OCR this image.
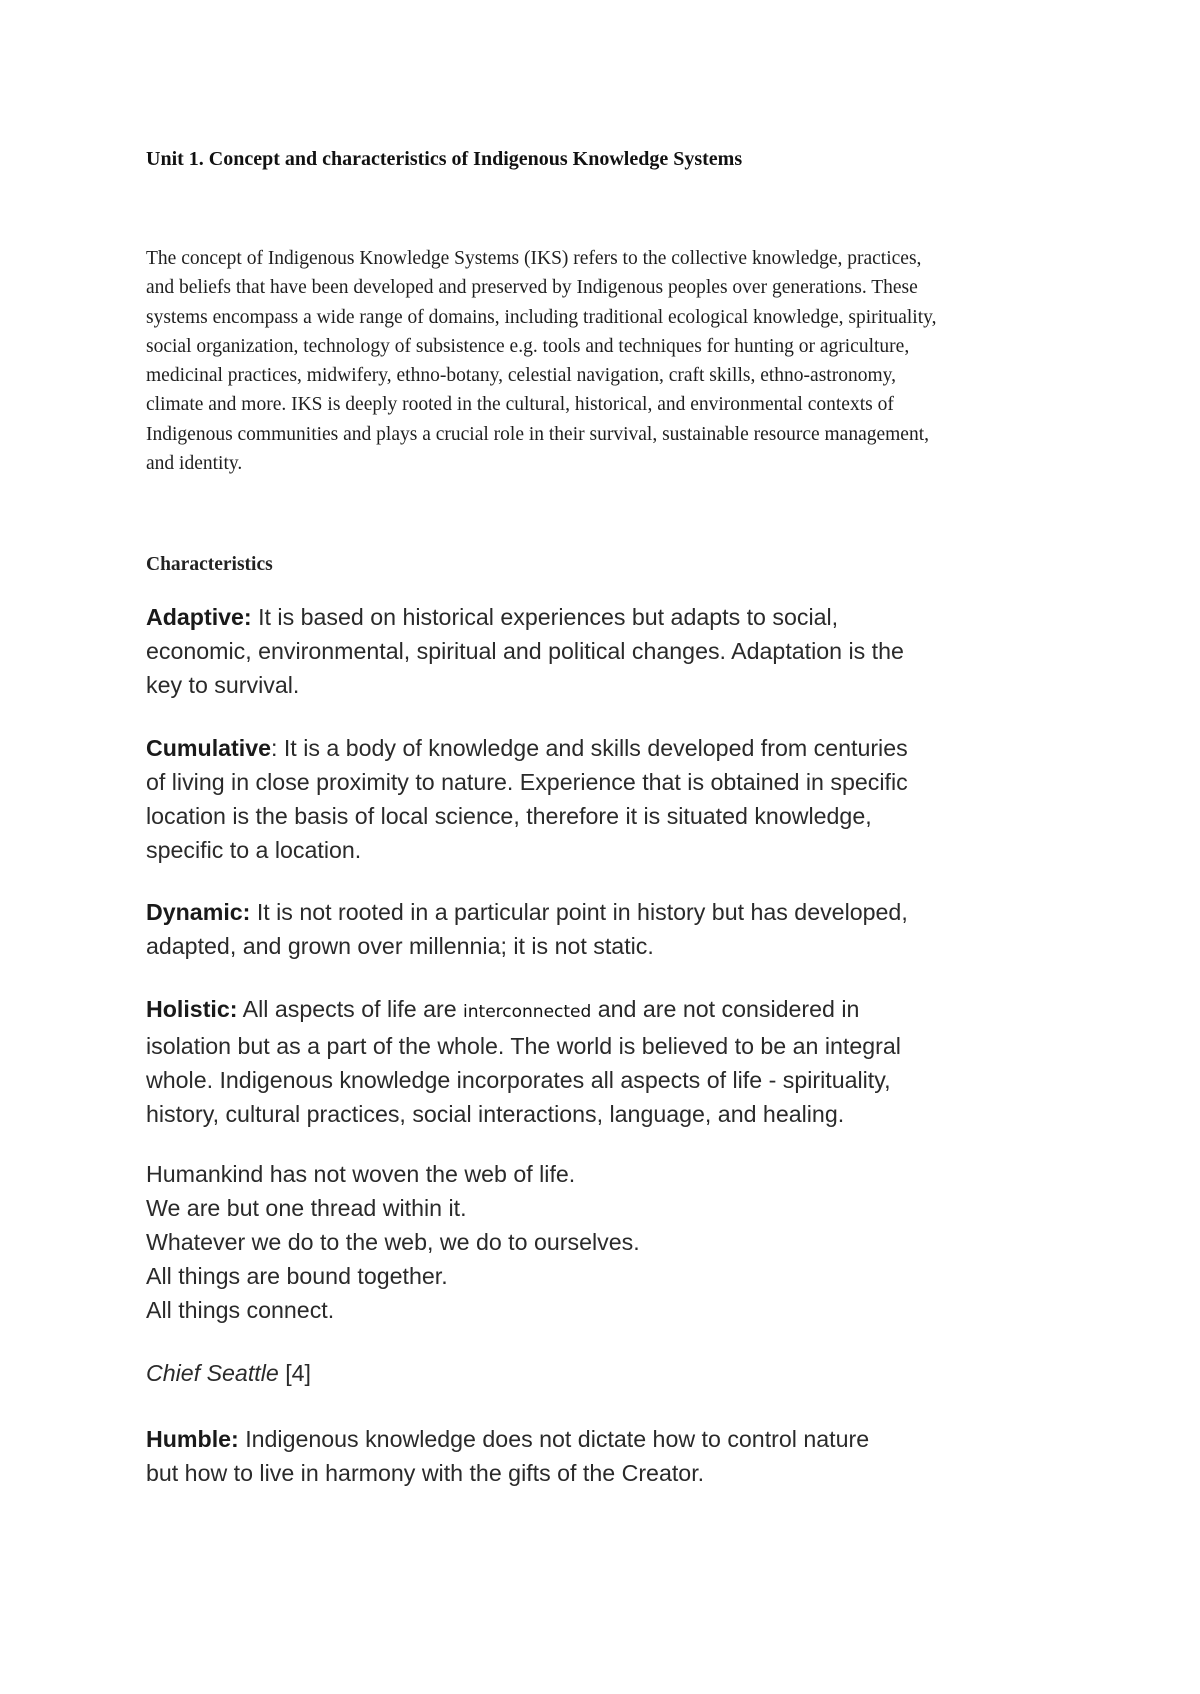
Unit 1. Concept and characteristics of Indigenous Knowledge Systems

The concept of Indigenous Knowledge Systems (IKS) refers to the collective knowledge, practices,
and beliefs that have been developed and preserved by Indigenous peoples over generations. These
systems encompass a wide range of domains, including traditional ecological knowledge, spirituality,
social organization, technology of subsistence e.g. tools and techniques for hunting or agriculture,
medicinal practices, midwifery, ethno-botany, celestial navigation, craft skills, ethno-astronomy,
climate and more. IKS is deeply rooted in the cultural, historical, and environmental contexts of
Indigenous communities and plays a crucial role in their survival, sustainable resource management,
and identity.

Characteristics

Adaptive: It is based on historical experiences but adapts to social,
economic, environmental, spiritual and political changes. Adaptation is the
key to survival.

Cumulative: It is a body of knowledge and skills developed from centuries
of living in close proximity to nature. Experience that is obtained in specific
location is the basis of local science, therefore it is situated knowledge,
specific to a location.

Dynamic: It is not rooted in a particular point in history but has developed,
adapted, and grown over millennia; it is not static.

Holistic: All aspects of life are interconnected and are not considered in
isolation but as a part of the whole. The world is believed to be an integral
whole. Indigenous knowledge incorporates all aspects of life - spirituality,
history, cultural practices, social interactions, language, and healing.

Humankind has not woven the web of life.
We are but one thread within it.
Whatever we do to the web, we do to ourselves.
All things are bound together.
All things connect.

Chief Seattle [4]

Humble: Indigenous knowledge does not dictate how to control nature
but how to live in harmony with the gifts of the Creator.
